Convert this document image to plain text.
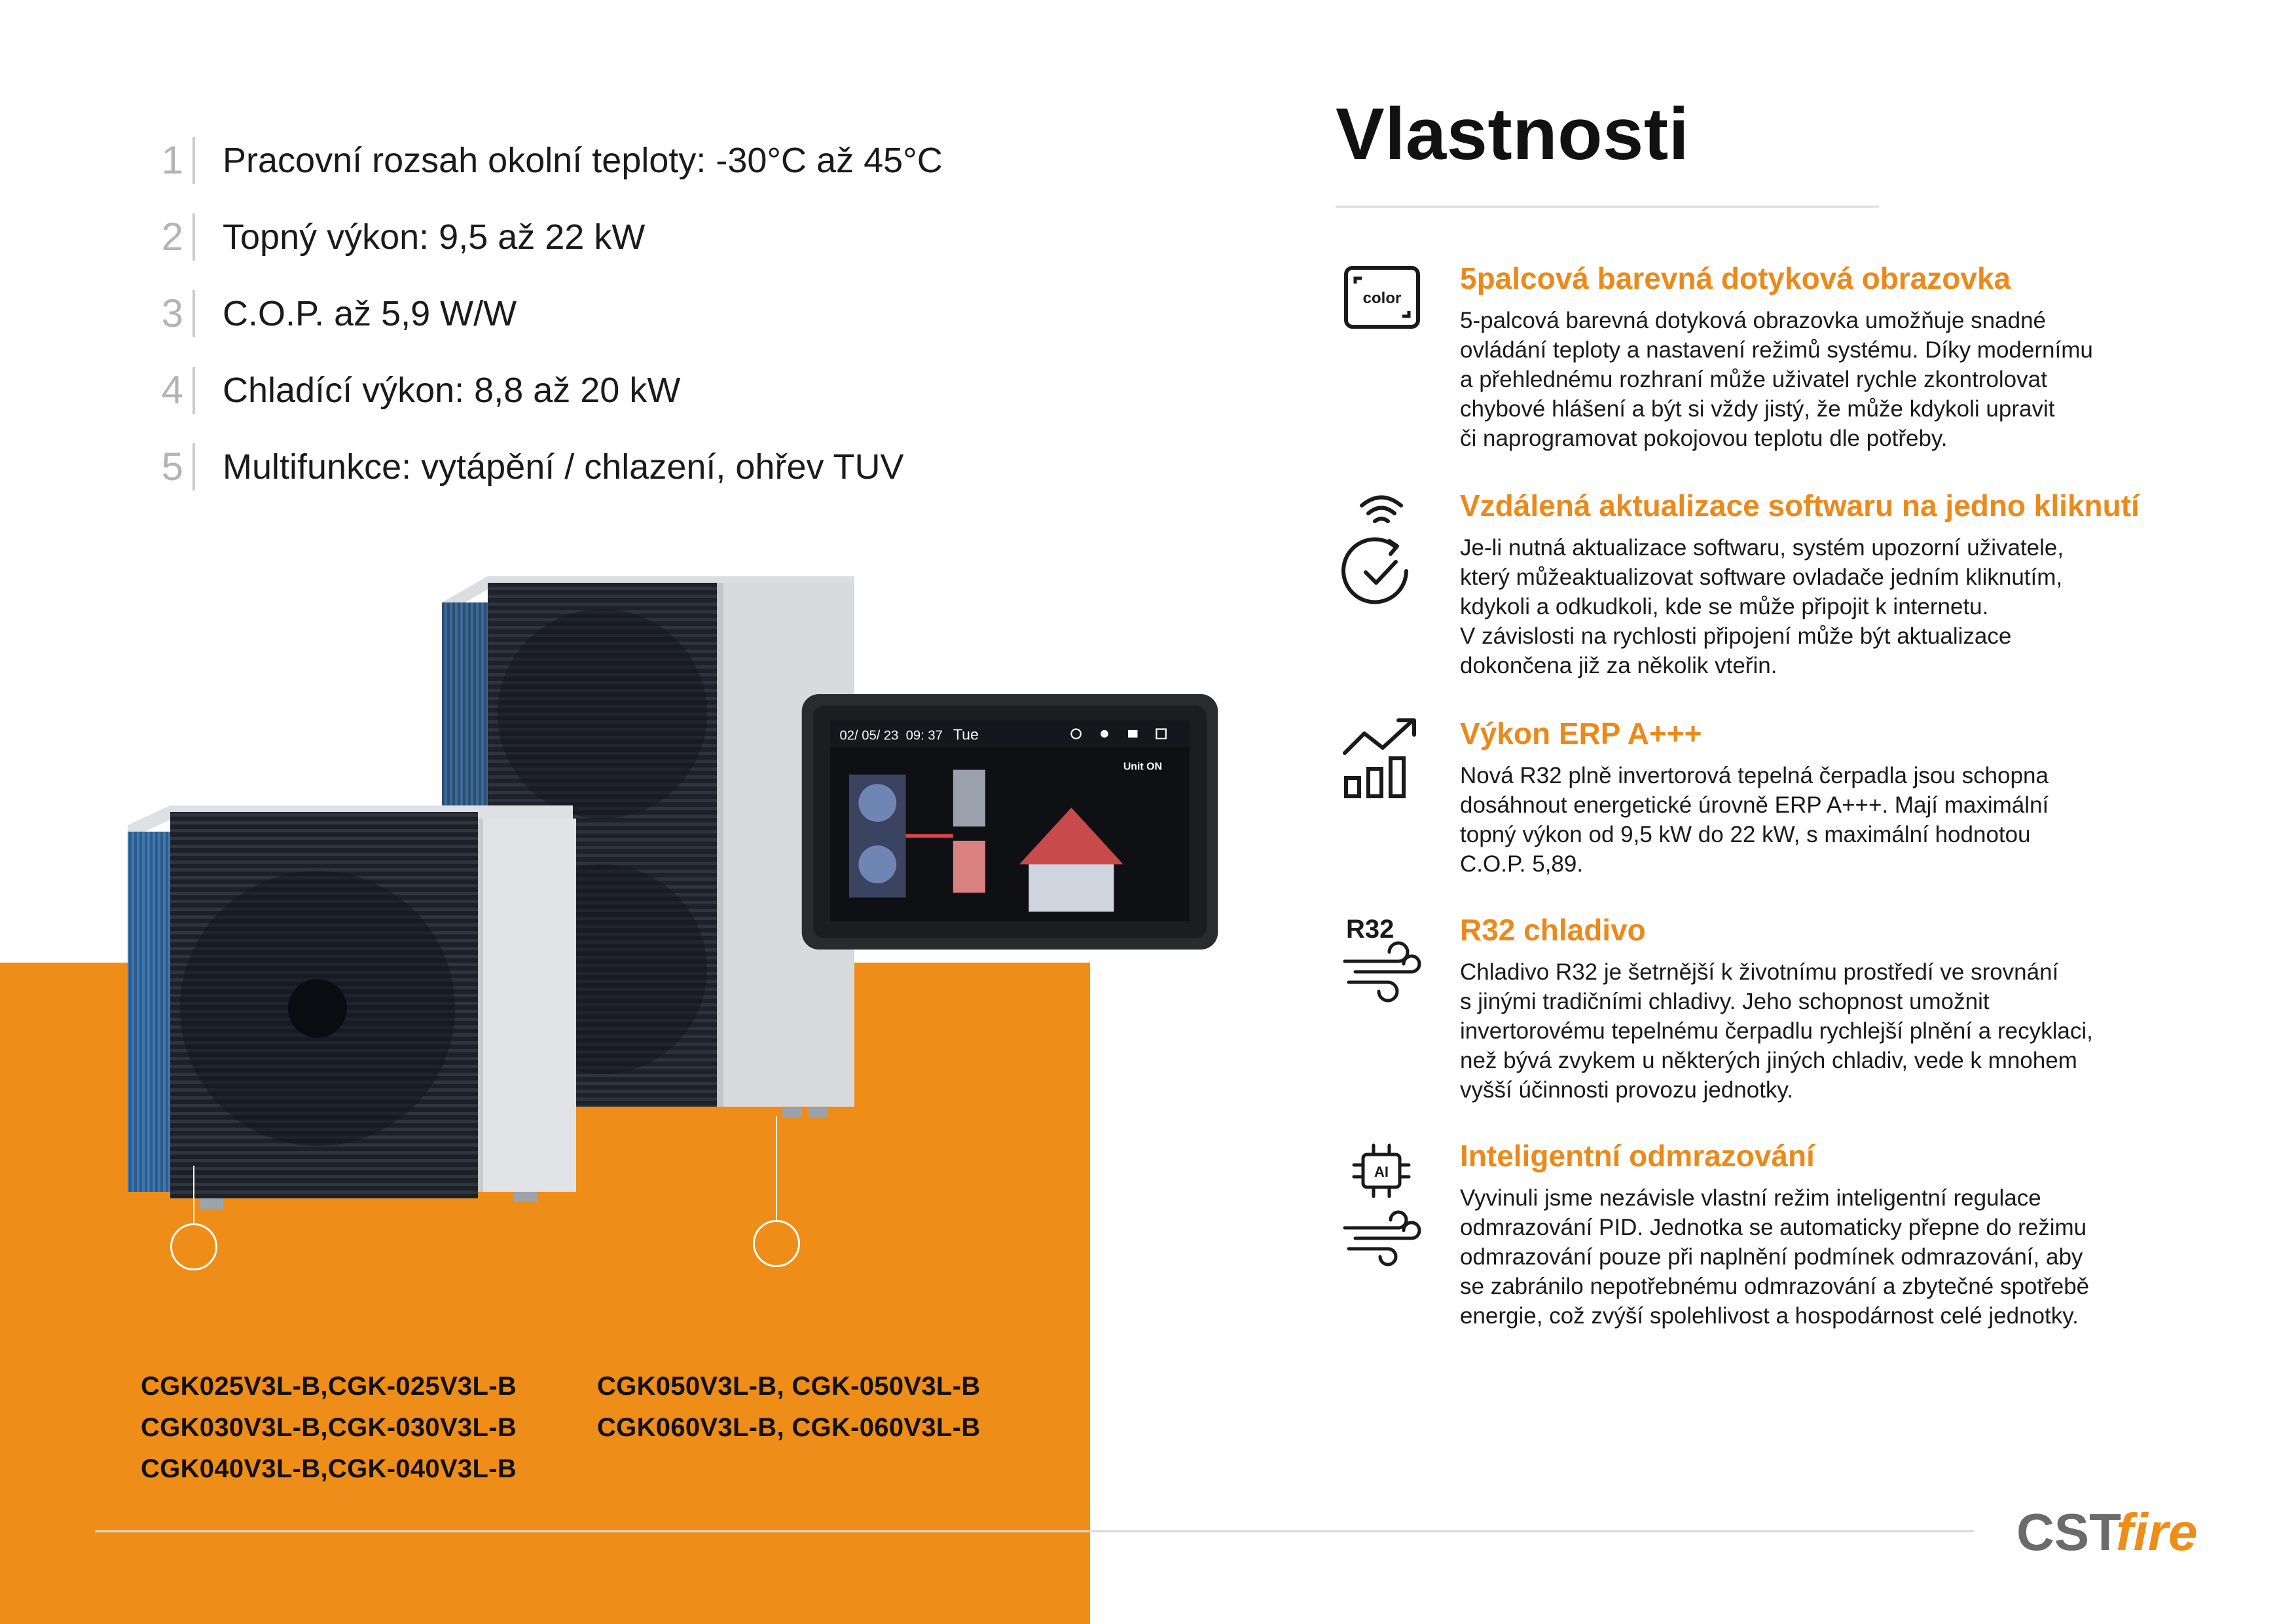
1	Pracovní rozsah okolní teploty: -30°C až 45°C
2	Topný výkon: 9,5 až 22 kW
3	C.O.P. až 5,9 W/W
4	Chladící výkon: 8,8 až 20 kW
5	Multifunkce: vytápění / chlazení, ohřev TUV
02/ 05/ 23 09: 37 Tue
Unit ON
CGK025V3L-B,CGK-025V3L-B
CGK030V3L-B,CGK-030V3L-B
CGK040V3L-B,CGK-040V3L-B
CGK050V3L-B, CGK-050V3L-B
CGK060V3L-B, CGK-060V3L-B
Vlastnosti
color
5palcová barevná dotyková obrazovka
5-palcová barevná dotyková obrazovka umožňuje snadné
ovládání teploty a nastavení režimů systému. Díky modernímu
a přehlednému rozhraní může uživatel rychle zkontrolovat
chybové hlášení a být si vždy jistý, že může kdykoli upravit
či naprogramovat pokojovou teplotu dle potřeby.
Vzdálená aktualizace softwaru na jedno kliknutí
Je-li nutná aktualizace softwaru, systém upozorní uživatele,
který můžeaktualizovat software ovladače jedním kliknutím,
kdykoli a odkudkoli, kde se může připojit k internetu.
V závislosti na rychlosti připojení může být aktualizace
dokončena již za několik vteřin.
Výkon ERP A+++
Nová R32 plně invertorová tepelná čerpadla jsou schopna
dosáhnout energetické úrovně ERP A+++. Mají maximální
topný výkon od 9,5 kW do 22 kW, s maximální hodnotou
C.O.P. 5,89.
R32 R32 chladivo
Chladivo R32 je šetrnější k životnímu prostředí ve srovnání
s jinými tradičními chladivy. Jeho schopnost umožnit
invertorovému tepelnému čerpadlu rychlejší plnění a recyklaci,
než bývá zvykem u některých jiných chladiv, vede k mnohem
vyšší účinnosti provozu jednotky.
AI Inteligentní odmrazování
Vyvinuli jsme nezávisle vlastní režim inteligentní regulace
odmrazování PID. Jednotka se automaticky přepne do režimu
odmrazování pouze při naplnění podmínek odmrazování, aby
se zabránilo nepotřebnému odmrazování a zbytečné spotřebě
energie, což zvýší spolehlivost a hospodárnost celé jednotky.
CST
fire
